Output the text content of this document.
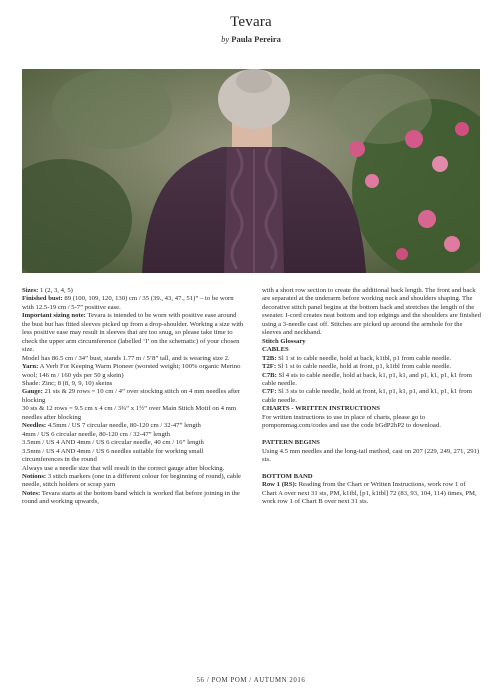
Tevara
by Paula Pereira

Sizes: 1 (2, 3, 4, 5)

Finished bust: 89 (100, 109, 120, 130) cm / 35 (39., 43, 47., 51)” – to be worn with 12.5-19 cm / 5-7” positive ease.

Important sizing note: Tevara is intended to be worn with positive ease around the bust but has fitted sleeves picked up from a drop-shoulder. Working a size with less positive ease may result in sleeves that are too snug, so please take time to check the upper arm circumference (labelled ‘I’ on the schematic) of your chosen size.

Model has 86.5 cm / 34” bust, stands 1.77 m / 5’8” tall, and is wearing size 2.

Yarn: A Verb For Keeping Warm Pioneer (worsted weight; 100% organic Merino wool; 146 m / 160 yds per 50 g skein)

Shade: Zinc; 8 (8, 9, 9, 10) skeins

Gauge: 21 sts & 29 rows = 10 cm / 4” over stocking stitch on 4 mm needles after blocking

30 sts & 12 rows = 9.5 cm x 4 cm / 3¾” x 1½” over Main Stitch Motif on 4 mm needles after blocking

Needles: 4.5mm / US 7 circular needle, 80-120 cm / 32-47” length

4mm / US 6 circular needle, 80-120 cm / 32-47” length

3.5mm / US 4 AND 4mm / US 6 circular needle, 40 cm / 16” length

3.5mm / US 4 AND 4mm / US 6 needles suitable for working small circumferences in the round

Always use a needle size that will result in the correct gauge after blocking.

Notions: 3 stitch markers (one in a different colour for beginning of round), cable needle, stitch holders or scrap yarn

Notes: Tevara starts at the bottom band which is worked flat before joining in the round and working upwards,

with a short row section to create the additional back length. The front and back are separated at the underarm before working neck and shoulders shaping. The decorative stitch panel begins at the bottom back and stretches the length of the sweater. I-cord creates neat bottom and top edgings and the shoulders are finished using a 3-needle cast off. Stitches are picked up around the armhole for the sleeves and neckband.

Stitch Glossary

CABLES

T2B: Sl 1 st to cable needle, hold at back, k1tbl, p1 from cable needle.

T2F: Sl 1 st to cable needle, hold at front, p1, k1tbl from cable needle.

C7B: Sl 4 sts to cable needle, hold at back, k1, p1, k1, and p1, k1, p1, k1 from cable needle.

C7F: Sl 3 sts to cable needle, hold at front, k1, p1, k1, p1, and k1, p1, k1 from cable needle.

CHARTS - WRITTEN INSTRUCTIONS

For written instructions to use in place of charts, please go to pompommag.com/codes and use the code bGdP2hP2 to download.

PATTERN BEGINS

Using 4.5 mm needles and the long-tail method, cast on 207 (229, 249, 271, 291) sts.

BOTTOM BAND

Row 1 (RS): Reading from the Chart or Written Instructions, work row 1 of Chart A over next 31 sts, PM, k1tbl, [p1, k1tbl] 72 (83, 93, 104, 114) times, PM, work row 1 of Chart B over next 31 sts.

56 / POM POM / AUTUMN 2016
